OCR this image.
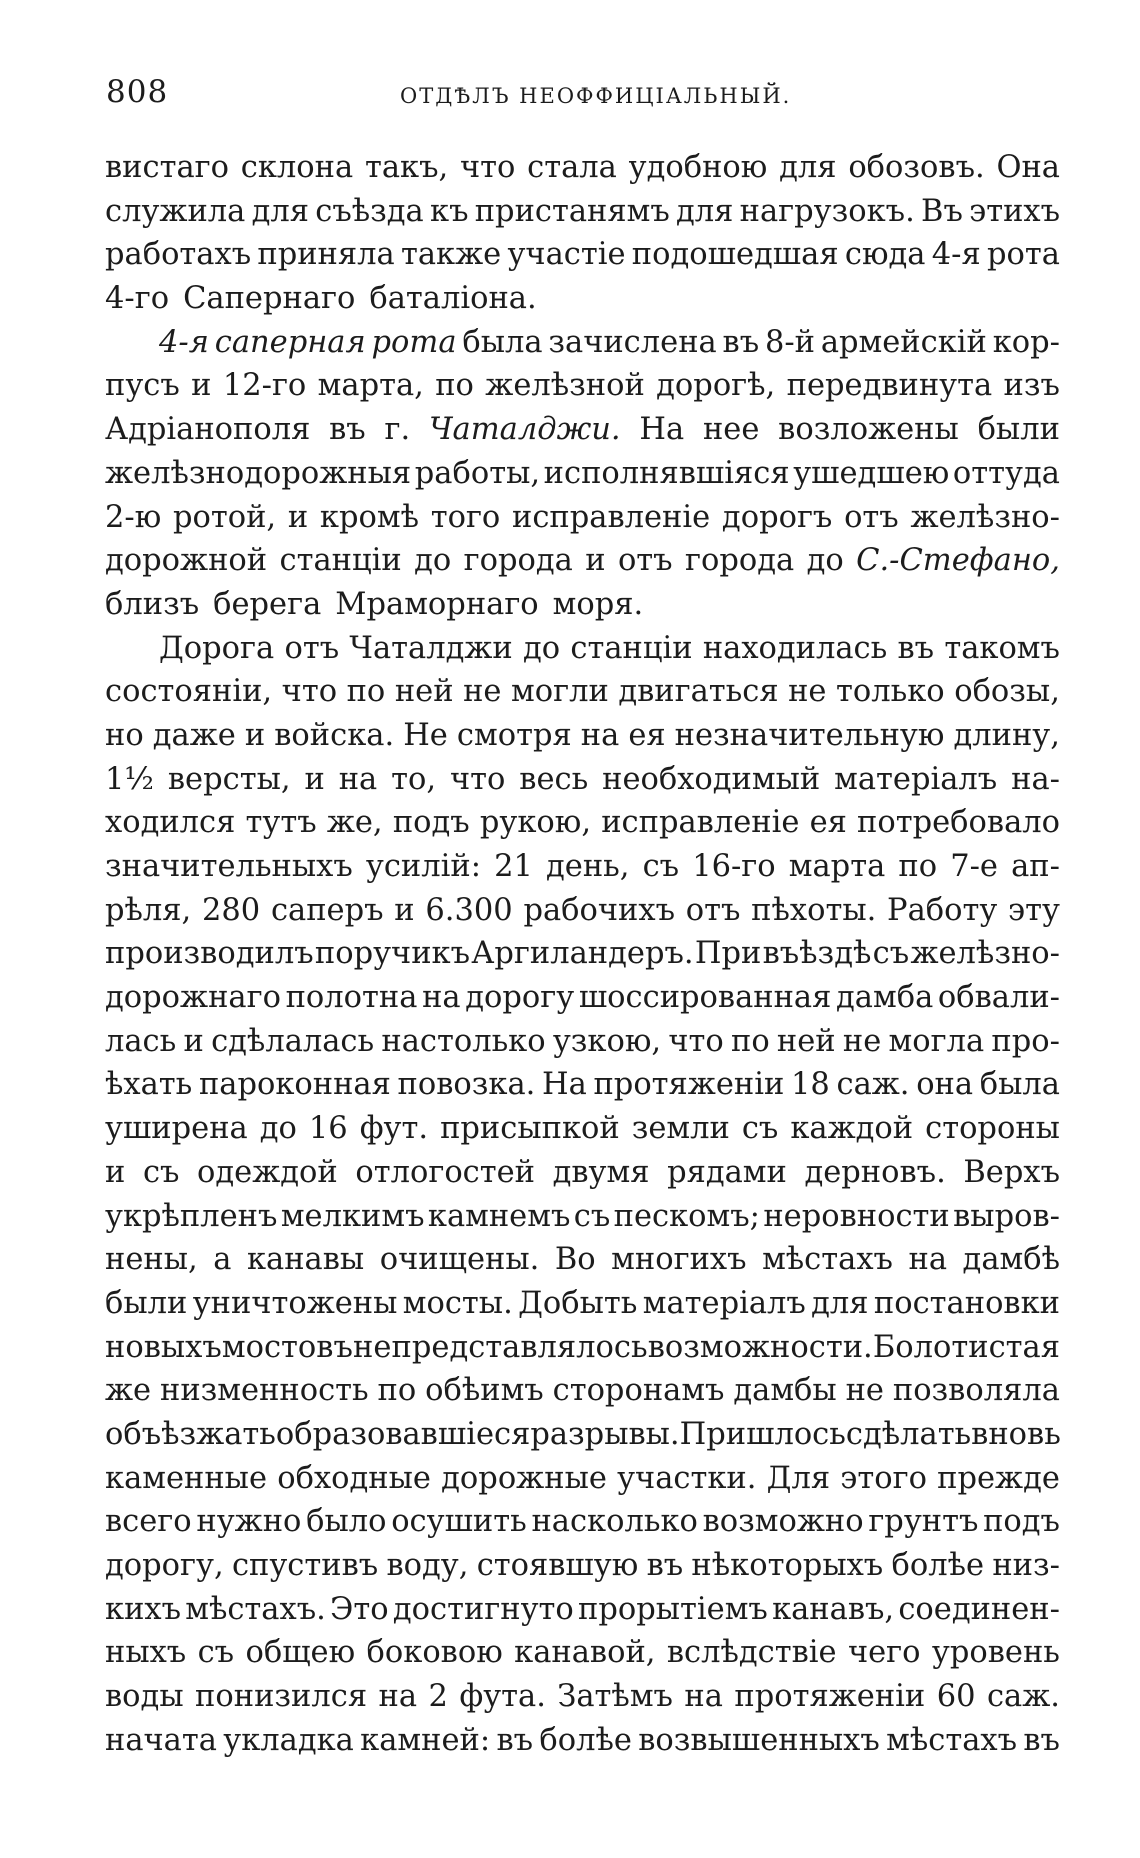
808	ОТДѢЛЪ НЕОФФИЦІАЛЬНЫЙ.
вистаго склона такъ, что стала удобною для обозовъ. Она
служила для съѣзда къ пристанямъ для нагрузокъ. Въ этихъ
работахъ приняла также участіе подошедшая сюда 4-я рота
4-го Сапернаго баталіона.
4-я саперная рота была зачислена въ 8-й армейскій кор-
пусъ и 12-го марта, по желѣзной дорогѣ, передвинута изъ
Адріанополя въ г. Чаталджи. На нее возложены были
желѣзнодорожныя работы, исполнявшіяся ушедшею оттуда
2-ю ротой, и кромѣ того исправленіе дорогъ отъ желѣзно-
дорожной станціи до города и отъ города до С.-Стефано,
близъ берега Мраморнаго моря.
Дорога отъ Чаталджи до станціи находилась въ такомъ
состояніи, что по ней не могли двигаться не только обозы,
но даже и войска. Не смотря на ея незначительную длину,
1½ версты, и на то, что весь необходимый матеріалъ на-
ходился тутъ же, подъ рукою, исправленіе ея потребовало
значительныхъ усилій: 21 день, съ 16-го марта по 7-е ап-
рѣля, 280 саперъ и 6.300 рабочихъ отъ пѣхоты. Работу эту
производилъ поручикъ Аргиландеръ. При въѣздѣ съ желѣзно-
дорожнаго полотна на дорогу шоссированная дамба обвали-
лась и сдѣлалась настолько узкою, что по ней не могла про-
ѣхать пароконная повозка. На протяженіи 18 саж. она была
уширена до 16 фут. присыпкой земли съ каждой стороны
и съ одеждой отлогостей двумя рядами дерновъ. Верхъ
укрѣпленъ мелкимъ камнемъ съ пескомъ; неровности выров-
нены, а канавы очищены. Во многихъ мѣстахъ на дамбѣ
были уничтожены мосты. Добыть матеріалъ для постановки
новыхъ мостовъ не представлялось возможности. Болотистая
же низменность по обѣимъ сторонамъ дамбы не позволяла
объѣзжать образовавшіеся разрывы. Пришлось сдѣлать вновь
каменные обходные дорожные участки. Для этого прежде
всего нужно было осушить насколько возможно грунтъ подъ
дорогу, спустивъ воду, стоявшую въ нѣкоторыхъ болѣе низ-
кихъ мѣстахъ. Это достигнуто прорытіемъ канавъ, соединен-
ныхъ съ общею боковою канавой, вслѣдствіе чего уровень
воды понизился на 2 фута. Затѣмъ на протяженіи 60 саж.
начата укладка камней: въ болѣе возвышенныхъ мѣстахъ въ
